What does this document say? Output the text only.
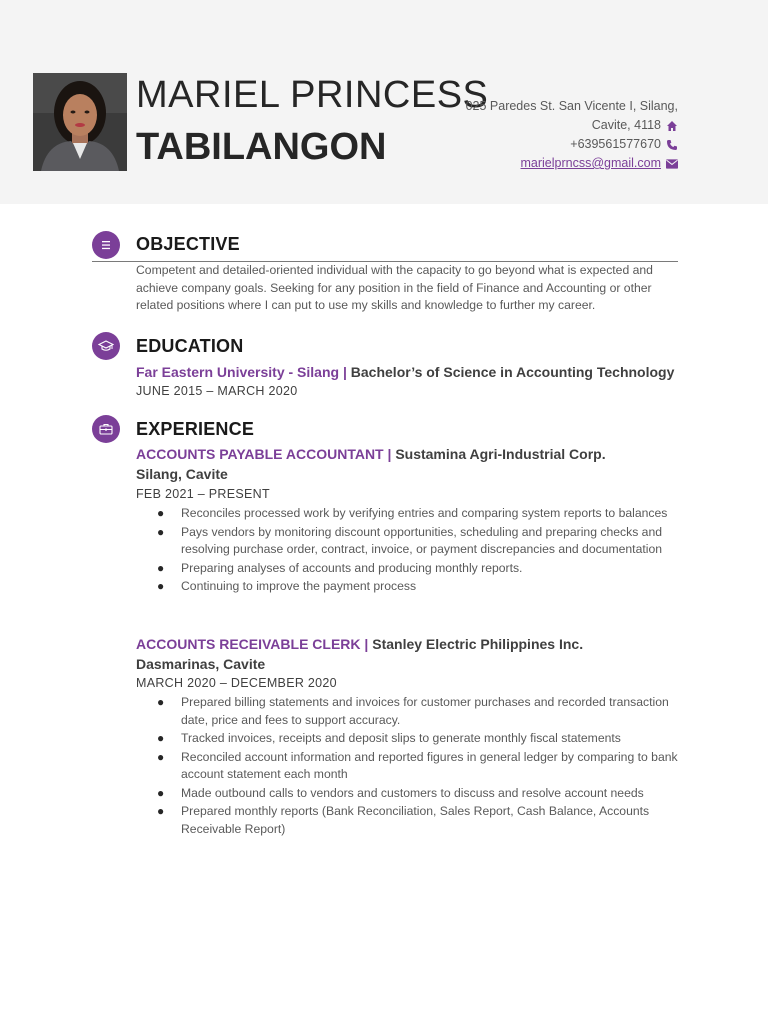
MARIEL PRINCESS
TABILANGON
025 Paredes St. San Vicente I, Silang,
Cavite, 4118
+639561577670
marielprncss@gmail.com
OBJECTIVE
Competent and detailed-oriented individual with the capacity to go beyond what is expected and achieve company goals. Seeking for any position in the field of Finance and Accounting or other related positions where I can put to use my skills and knowledge to further my career.
EDUCATION
Far Eastern University - Silang | Bachelor’s of Science in Accounting Technology
JUNE 2015 – MARCH 2020
EXPERIENCE
ACCOUNTS PAYABLE ACCOUNTANT | Sustamina Agri-Industrial Corp.
Silang, Cavite
FEB 2021 – PRESENT
● Reconciles processed work by verifying entries and comparing system reports to balances
● Pays vendors by monitoring discount opportunities, scheduling and preparing checks and resolving purchase order, contract, invoice, or payment discrepancies and documentation
● Preparing analyses of accounts and producing monthly reports.
● Continuing to improve the payment process
ACCOUNTS RECEIVABLE CLERK | Stanley Electric Philippines Inc.
Dasmarinas, Cavite
MARCH 2020 – DECEMBER 2020
● Prepared billing statements and invoices for customer purchases and recorded transaction date, price and fees to support accuracy.
● Tracked invoices, receipts and deposit slips to generate monthly fiscal statements
● Reconciled account information and reported figures in general ledger by comparing to bank account statement each month
● Made outbound calls to vendors and customers to discuss and resolve account needs
● Prepared monthly reports (Bank Reconciliation, Sales Report, Cash Balance, Accounts Receivable Report)
